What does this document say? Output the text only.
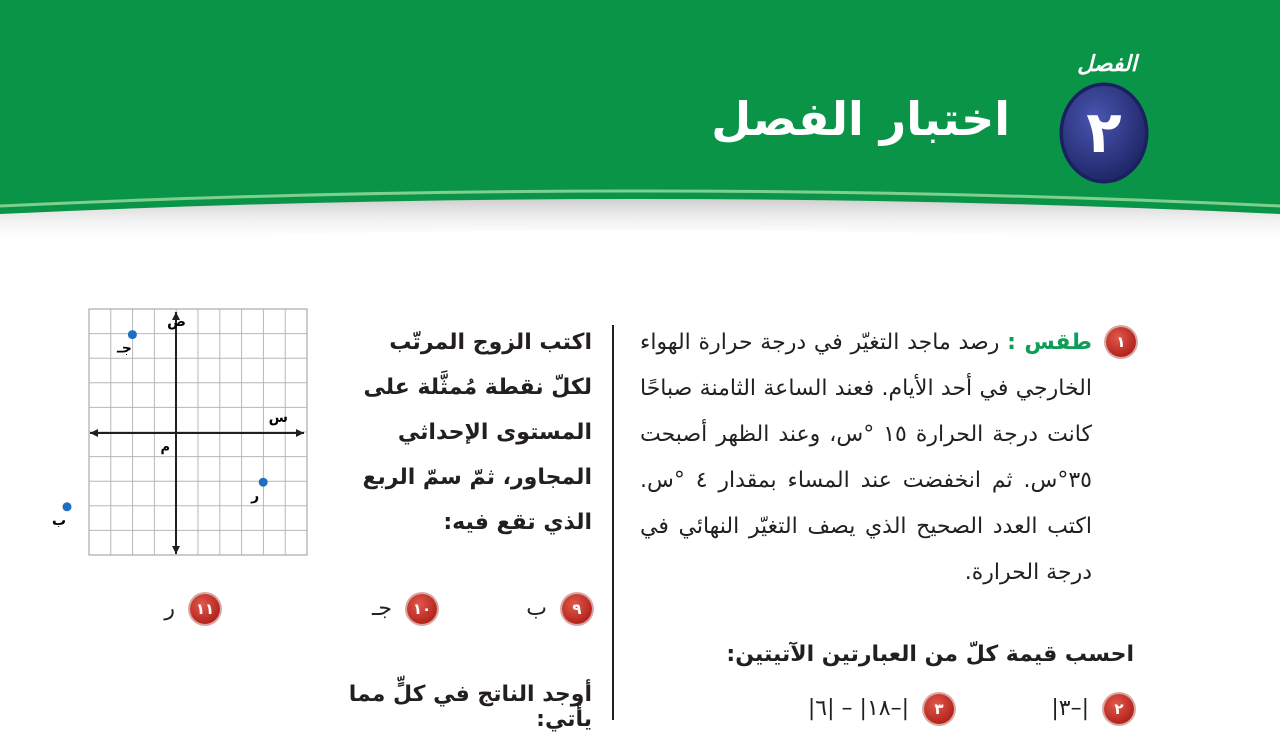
الفصل
٢
اختبار الفصل
١
طقس : رصد ماجد التغيّر في درجة حرارة الهواء الخارجي في أحد الأيام. فعند الساعة الثامنة صباحًا كانت درجة الحرارة ١٥ °س، وعند الظهر أصبحت ٣٥°س. ثم انخفضت عند المساء بمقدار ٤ °س. اكتب العدد الصحيح الذي يصف التغيّر النهائي في درجة الحرارة.
احسب قيمة كلّ من العبارتين الآتيتين:
٢ |–٣|
٣ |–١٨| – |٦|
اكتب الزوج المرتّب لكلّ نقطة مُمثَّلة على المستوى الإحداثي المجاور، ثمّ سمّ الربع الذي تقع فيه:
ص
س
م
جـ
ب
ر
٩ ب
١٠ جـ
١١ ر
أوجد الناتج في كلٍّ مما يأتي:
